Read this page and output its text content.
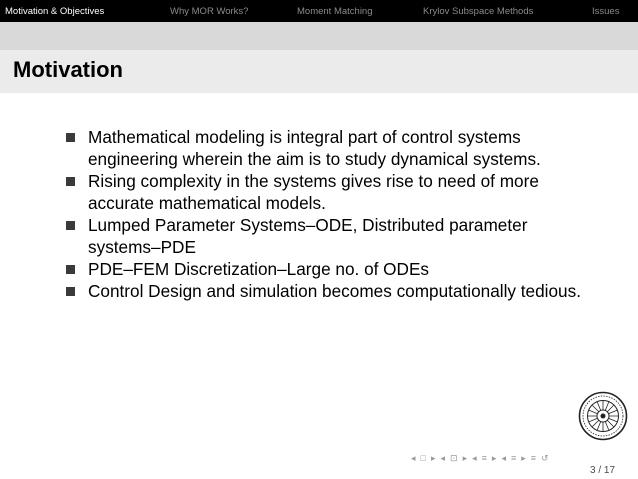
Motivation & Objectives	Why MOR Works?	Moment Matching	Krylov Subspace Methods	Issues
Motivation
Mathematical modeling is integral part of control systems engineering wherein the aim is to study dynamical systems.
Rising complexity in the systems gives rise to need of more accurate mathematical models.
Lumped Parameter Systems–ODE, Distributed parameter systems–PDE
PDE–FEM Discretization–Large no. of ODEs
Control Design and simulation becomes computationally tedious.
◂ □ ▸ ◂ ⊡ ▸ ◂ ≡ ▸ ◂ ≡ ▸ ≡ ↺
3 / 17
